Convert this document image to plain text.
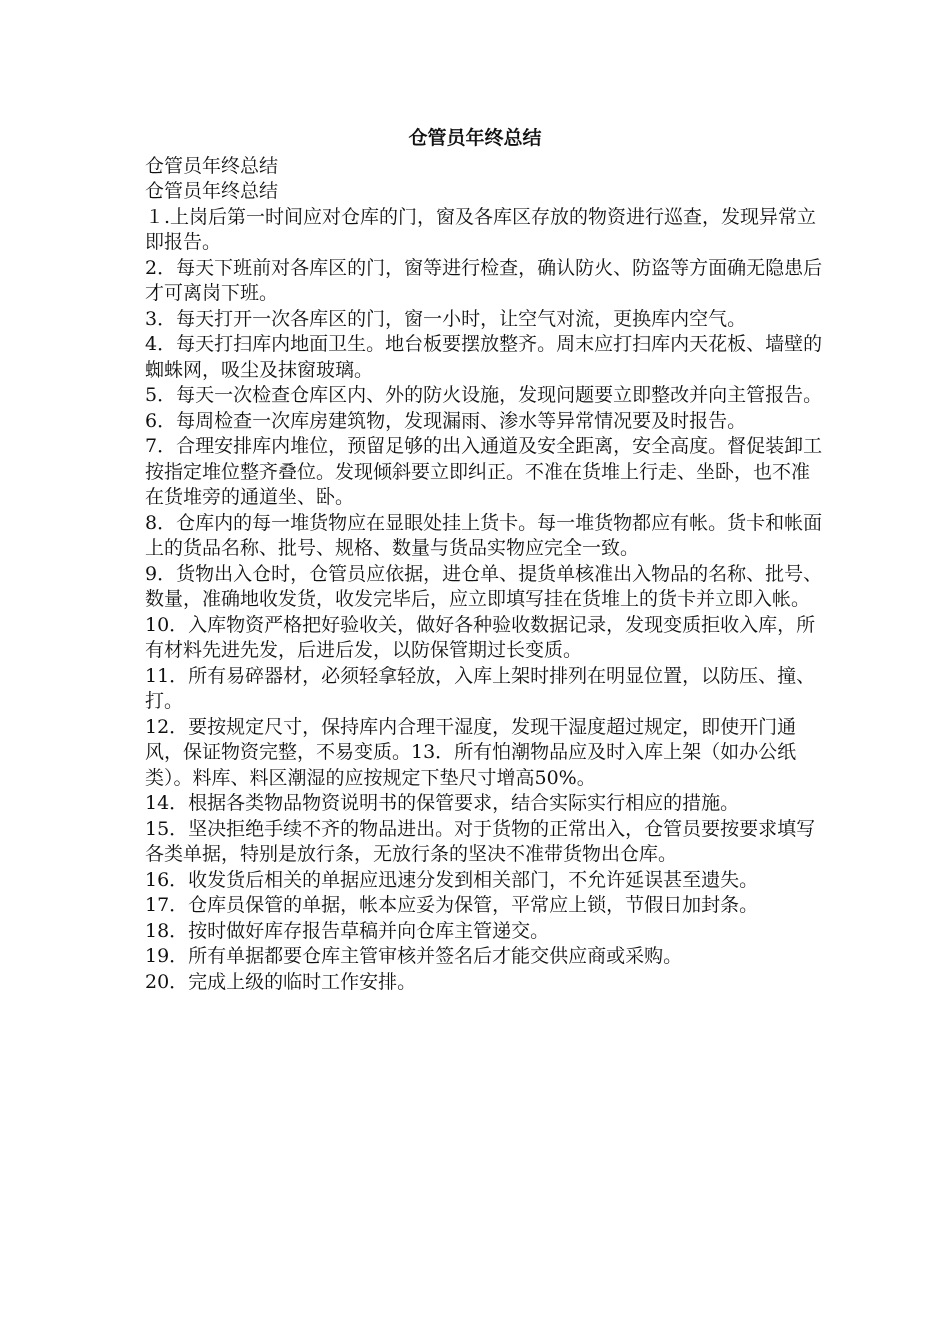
仓管员年终总结

仓管员年终总结

仓管员年终总结

１.上岗后第一时间应对仓库的门，窗及各库区存放的物资进行巡查，发现异常立即报告。

2．每天下班前对各库区的门，窗等进行检查，确认防火、防盗等方面确无隐患后才可离岗下班。

3．每天打开一次各库区的门，窗一小时，让空气对流，更换库内空气。

4．每天打扫库内地面卫生。地台板要摆放整齐。周末应打扫库内天花板、墙壁的蜘蛛网，吸尘及抹窗玻璃。

5．每天一次检查仓库区内、外的防火设施，发现问题要立即整改并向主管报告。

6．每周检查一次库房建筑物，发现漏雨、渗水等异常情况要及时报告。

7．合理安排库内堆位，预留足够的出入通道及安全距离，安全高度。督促装卸工按指定堆位整齐叠位。发现倾斜要立即纠正。不准在货堆上行走、坐卧，也不准在货堆旁的通道坐、卧。

8．仓库内的每一堆货物应在显眼处挂上货卡。每一堆货物都应有帐。货卡和帐面上的货品名称、批号、规格、数量与货品实物应完全一致。

9．货物出入仓时，仓管员应依据，进仓单、提货单核准出入物品的名称、批号、数量，准确地收发货，收发完毕后，应立即填写挂在货堆上的货卡并立即入帐。

10．入库物资严格把好验收关，做好各种验收数据记录，发现变质拒收入库，所有材料先进先发，后进后发，以防保管期过长变质。

11．所有易碎器材，必须轻拿轻放，入库上架时排列在明显位置，以防压、撞、打。

12．要按规定尺寸，保持库内合理干湿度，发现干湿度超过规定，即使开门通风，保证物资完整，不易变质。13．所有怕潮物品应及时入库上架（如办公纸类）。料库、料区潮湿的应按规定下垫尺寸增高50%。

14．根据各类物品物资说明书的保管要求，结合实际实行相应的措施。

15．坚决拒绝手续不齐的物品进出。对于货物的正常出入，仓管员要按要求填写各类单据，特别是放行条，无放行条的坚决不准带货物出仓库。

16．收发货后相关的单据应迅速分发到相关部门，不允许延误甚至遗失。

17．仓库员保管的单据，帐本应妥为保管，平常应上锁，节假日加封条。

18．按时做好库存报告草稿并向仓库主管递交。

19．所有单据都要仓库主管审核并签名后才能交供应商或采购。

20．完成上级的临时工作安排。
